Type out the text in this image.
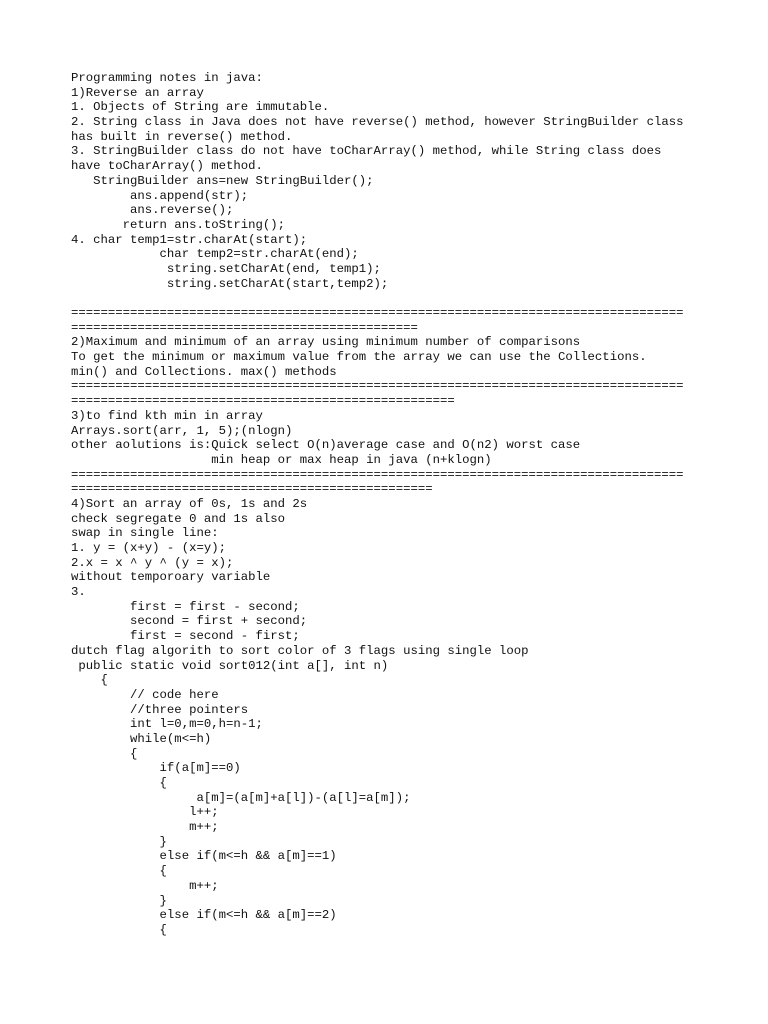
Programming notes in java:
1)Reverse an array
1. Objects of String are immutable.
2. String class in Java does not have reverse() method, however StringBuilder class
has built in reverse() method.
3. StringBuilder class do not have toCharArray() method, while String class does
have toCharArray() method.
StringBuilder ans=new StringBuilder();
ans.append(str);
ans.reverse();
return ans.toString();
4. char temp1=str.charAt(start);
char temp2=str.charAt(end);
string.setCharAt(end, temp1);
string.setCharAt(start,temp2);
===================================================================================
===============================================
2)Maximum and minimum of an array using minimum number of comparisons
To get the minimum or maximum value from the array we can use the Collections.
min() and Collections. max() methods
===================================================================================
====================================================
3)to find kth min in array
Arrays.sort(arr, 1, 5);(nlogn)
other aolutions is:Quick select O(n)average case and O(n2) worst case
min heap or max heap in java (n+klogn)
===================================================================================
=================================================
4)Sort an array of 0s, 1s and 2s
check segregate 0 and 1s also
swap in single line:
1. y = (x+y) - (x=y);
2.x = x ^ y ^ (y = x);
without temporoary variable
3.
first = first - second;
second = first + second;
first = second - first;
dutch flag algorith to sort color of 3 flags using single loop
public static void sort012(int a[], int n)
{
// code here
//three pointers
int l=0,m=0,h=n-1;
while(m<=h)
{
if(a[m]==0)
{
a[m]=(a[m]+a[l])-(a[l]=a[m]);
l++;
m++;
}
else if(m<=h && a[m]==1)
{
m++;
}
else if(m<=h && a[m]==2)
{
